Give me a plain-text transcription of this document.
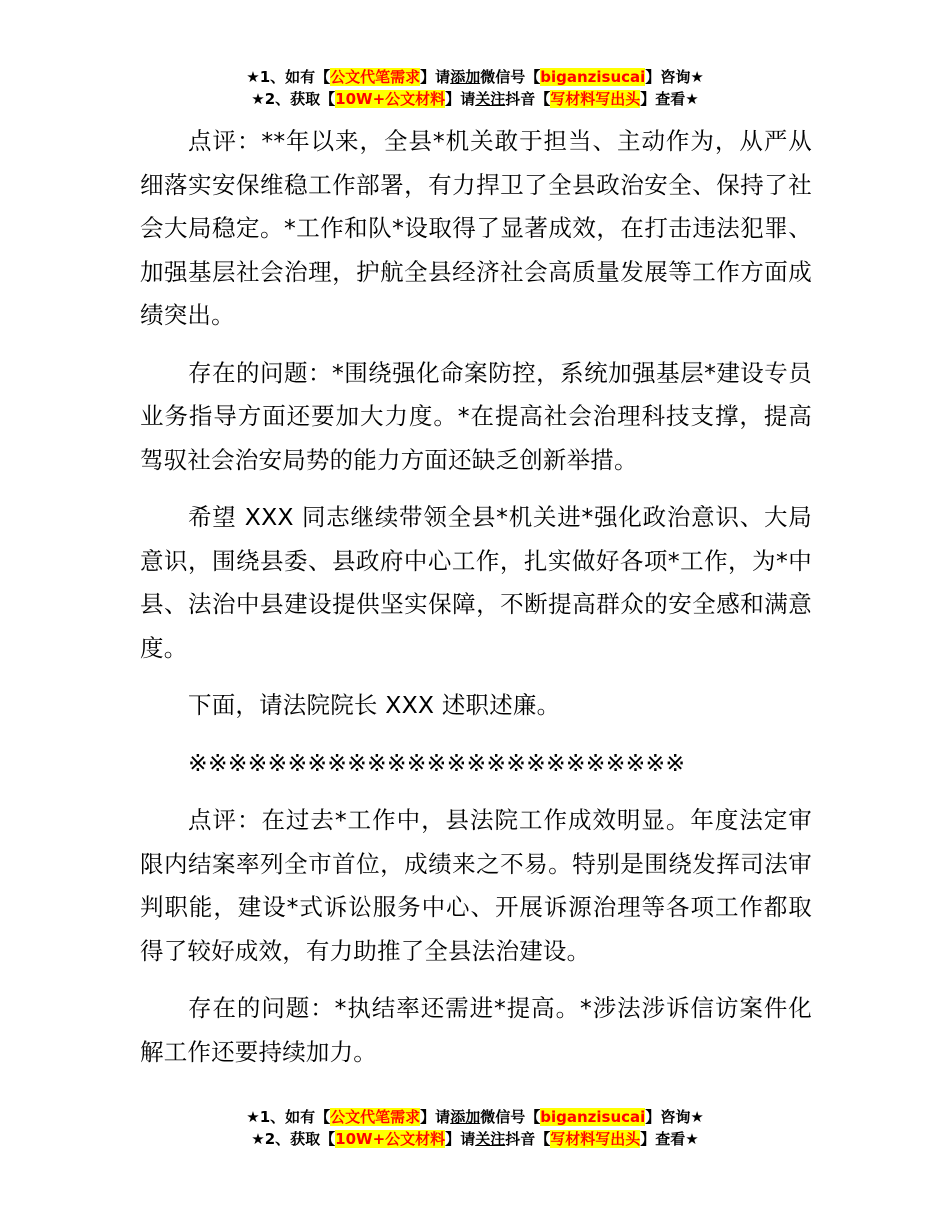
★1、如有【公文代笔需求】请添加微信号【biganzisucai】咨询★
★2、获取【10W+公文材料】请关注抖音【写材料写出头】查看★

点评：**年以来，全县*机关敢于担当、主动作为，从严从细落实安保维稳工作部署，有力捍卫了全县政治安全、保持了社会大局稳定。*工作和队*设取得了显著成效，在打击违法犯罪、加强基层社会治理，护航全县经济社会高质量发展等工作方面成绩突出。

存在的问题：*围绕强化命案防控，系统加强基层*建设专员业务指导方面还要加大力度。*在提高社会治理科技支撑，提高驾驭社会治安局势的能力方面还缺乏创新举措。

希望 XXX 同志继续带领全县*机关进*强化政治意识、大局意识，围绕县委、县政府中心工作，扎实做好各项*工作，为*中县、法治中县建设提供坚实保障，不断提高群众的安全感和满意度。

下面，请法院院长 XXX 述职述廉。

※※※※※※※※※※※※※※※※※※※※※※※※※

点评：在过去*工作中，县法院工作成效明显。年度法定审限内结案率列全市首位，成绩来之不易。特别是围绕发挥司法审判职能，建设*式诉讼服务中心、开展诉源治理等各项工作都取得了较好成效，有力助推了全县法治建设。

存在的问题：*执结率还需进*提高。*涉法涉诉信访案件化解工作还要持续加力。

★1、如有【公文代笔需求】请添加微信号【biganzisucai】咨询★
★2、获取【10W+公文材料】请关注抖音【写材料写出头】查看★
